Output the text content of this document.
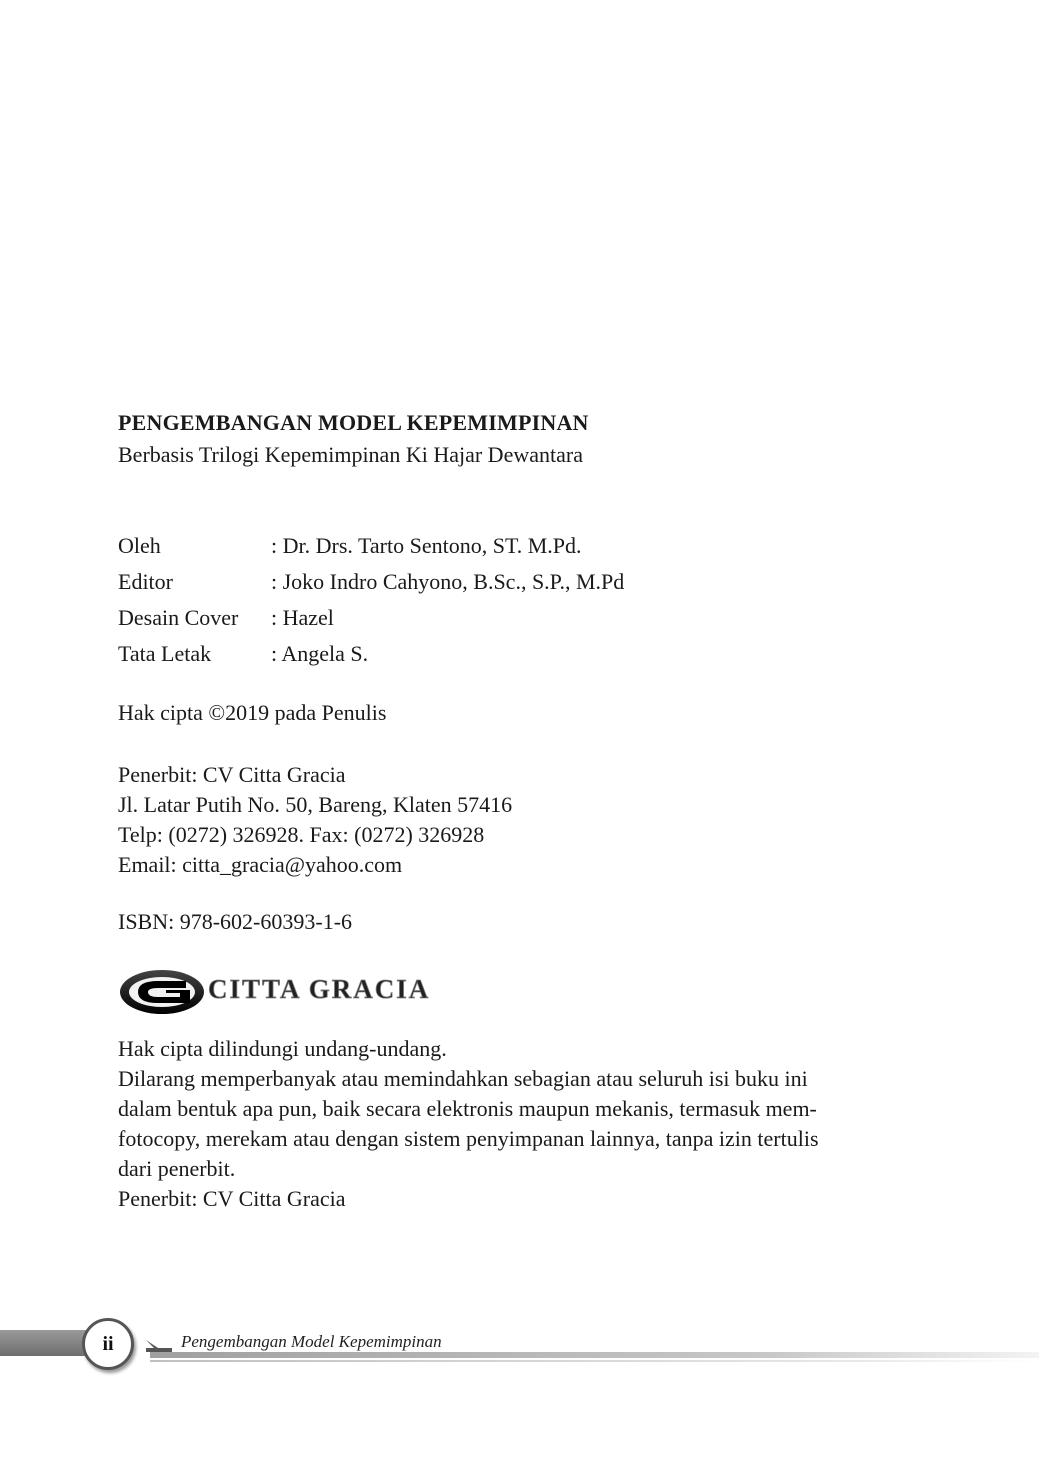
PENGEMBANGAN MODEL KEPEMIMPINAN
Berbasis Trilogi Kepemimpinan Ki Hajar Dewantara
Oleh	: Dr. Drs. Tarto Sentono, ST. M.Pd.
Editor	: Joko Indro Cahyono, B.Sc., S.P., M.Pd
Desain Cover	: Hazel
Tata Letak	: Angela S.
Hak cipta ©2019 pada Penulis
Penerbit: CV Citta Gracia
Jl. Latar Putih No. 50, Bareng, Klaten 57416
Telp: (0272) 326928. Fax: (0272) 326928
Email: citta_gracia@yahoo.com
ISBN: 978-602-60393-1-6
CITTA GRACIA

Hak cipta dilindungi undang-undang.

Dilarang memperbanyak atau memindahkan sebagian atau seluruh isi buku ini

dalam bentuk apa pun, baik secara elektronis maupun mekanis, termasuk mem-

fotocopy, merekam atau dengan sistem penyimpanan lainnya, tanpa izin tertulis

dari penerbit.

Penerbit: CV Citta Gracia

ii	Pengembangan Model Kepemimpinan
